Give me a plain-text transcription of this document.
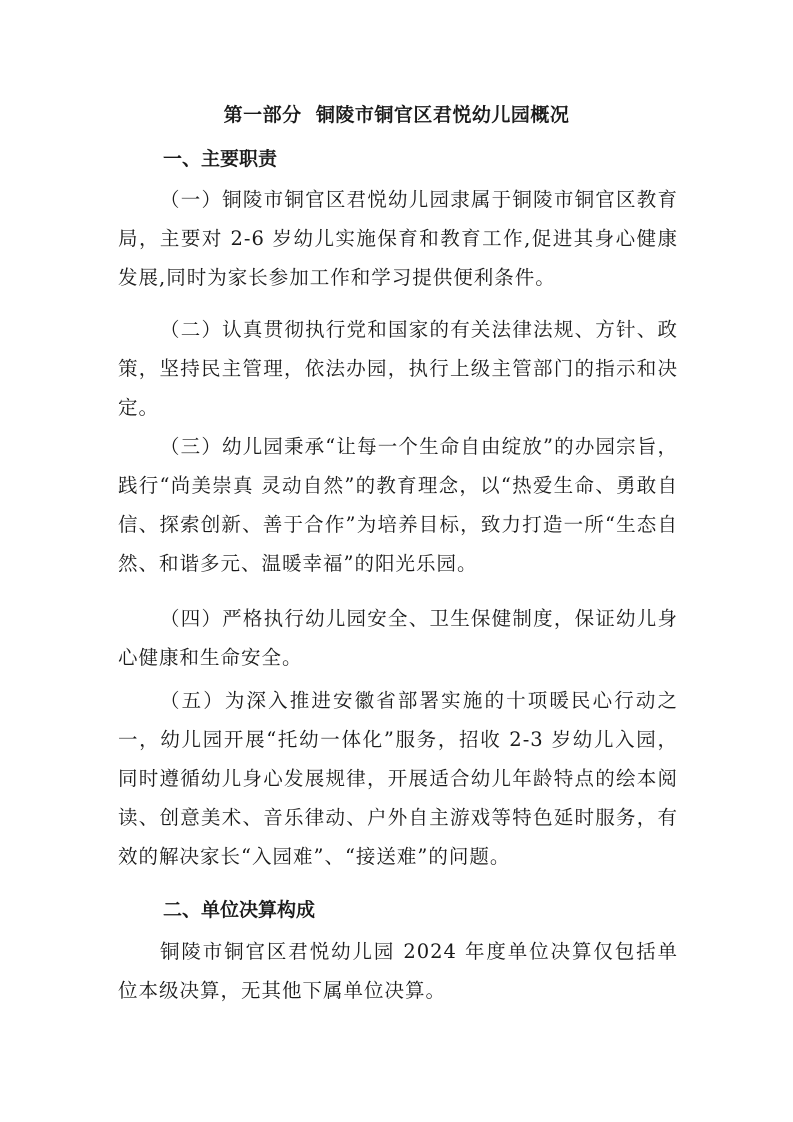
第一部分  铜陵市铜官区君悦幼儿园概况
一、主要职责

（一）铜陵市铜官区君悦幼儿园隶属于铜陵市铜官区教育局，主要对 2-6 岁幼儿实施保育和教育工作,促进其身心健康发展,同时为家长参加工作和学习提供便利条件。

（二）认真贯彻执行党和国家的有关法律法规、方针、政策，坚持民主管理，依法办园，执行上级主管部门的指示和决定。

（三）幼儿园秉承“让每一个生命自由绽放”的办园宗旨，践行“尚美崇真 灵动自然”的教育理念，以“热爱生命、勇敢自信、探索创新、善于合作”为培养目标，致力打造一所“生态自然、和谐多元、温暖幸福”的阳光乐园。

（四）严格执行幼儿园安全、卫生保健制度，保证幼儿身心健康和生命安全。

（五）为深入推进安徽省部署实施的十项暖民心行动之一，幼儿园开展“托幼一体化”服务，招收 2-3 岁幼儿入园，同时遵循幼儿身心发展规律，开展适合幼儿年龄特点的绘本阅读、创意美术、音乐律动、户外自主游戏等特色延时服务，有效的解决家长“入园难”、“接送难”的问题。

二、单位决算构成

铜陵市铜官区君悦幼儿园 2024 年度单位决算仅包括单位本级决算，无其他下属单位决算。
